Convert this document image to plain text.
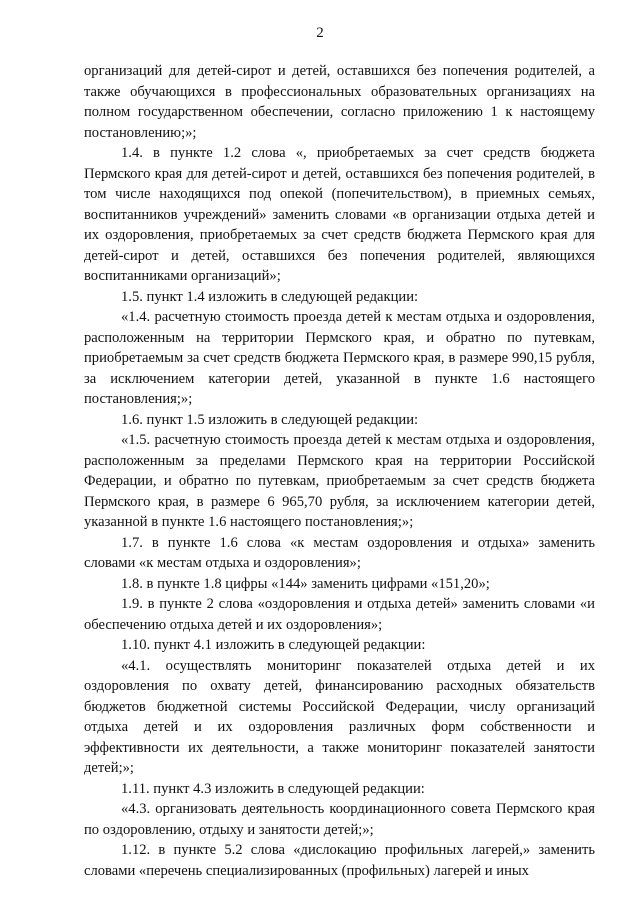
2

организаций для детей-сирот и детей, оставшихся без попечения родителей, а также обучающихся в профессиональных образовательных организациях на полном государственном обеспечении, согласно приложению 1 к настоящему постановлению;»;

1.4. в пункте 1.2 слова «, приобретаемых за счет средств бюджета Пермского края для детей-сирот и детей, оставшихся без попечения родителей, в том числе находящихся под опекой (попечительством), в приемных семьях, воспитанников учреждений» заменить словами «в организации отдыха детей и их оздоровления, приобретаемых за счет средств бюджета Пермского края для детей-сирот и детей, оставшихся без попечения родителей, являющихся воспитанниками организаций»;

1.5. пункт 1.4 изложить в следующей редакции:

«1.4. расчетную стоимость проезда детей к местам отдыха и оздоровления, расположенным на территории Пермского края, и обратно по путевкам, приобретаемым за счет средств бюджета Пермского края, в размере 990,15 рубля, за исключением категории детей, указанной в пункте 1.6 настоящего постановления;»;

1.6. пункт 1.5 изложить в следующей редакции:

«1.5. расчетную стоимость проезда детей к местам отдыха и оздоровления, расположенным за пределами Пермского края на территории Российской Федерации, и обратно по путевкам, приобретаемым за счет средств бюджета Пермского края, в размере 6 965,70 рубля, за исключением категории детей, указанной в пункте 1.6 настоящего постановления;»;

1.7. в пункте 1.6 слова «к местам оздоровления и отдыха» заменить словами «к местам отдыха и оздоровления»;

1.8. в пункте 1.8 цифры «144» заменить цифрами «151,20»;

1.9. в пункте 2 слова «оздоровления и отдыха детей» заменить словами «и обеспечению отдыха детей и их оздоровления»;

1.10. пункт 4.1 изложить в следующей редакции:

«4.1. осуществлять мониторинг показателей отдыха детей и их оздоровления по охвату детей, финансированию расходных обязательств бюджетов бюджетной системы Российской Федерации, числу организаций отдыха детей и их оздоровления различных форм собственности и эффективности их деятельности, а также мониторинг показателей занятости детей;»;

1.11. пункт 4.3 изложить в следующей редакции:

«4.3. организовать деятельность координационного совета Пермского края по оздоровлению, отдыху и занятости детей;»;

1.12. в пункте 5.2 слова «дислокацию профильных лагерей,» заменить словами «перечень специализированных (профильных) лагерей и иных
